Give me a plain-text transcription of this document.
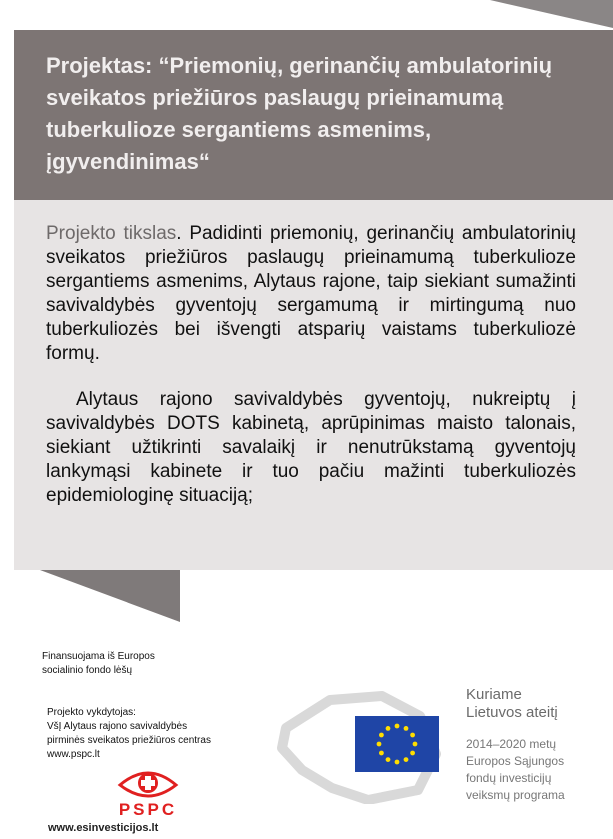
Projektas: “Priemonių, gerinančių ambulatorinių sveikatos priežiūros paslaugų prieinamumą tuberkulioze sergantiems asmenims, įgyvendinimas“

Projekto tikslas. Padidinti priemonių, gerinančių ambulatorinių sveikatos priežiūros paslaugų prieinamumą tuberkulioze sergantiems asmenims, Alytaus rajone, taip siekiant sumažinti savivaldybės gyventojų sergamumą ir mirtingumą nuo tuberkuliozės bei išvengti atsparių vaistams tuberkuliozė formų.

Alytaus rajono savivaldybės gyventojų, nukreiptų į savivaldybės DOTS kabinetą, aprūpinimas maisto talonais, siekiant užtikrinti savalaikį ir nenutrūkstamą gyventojų lankymąsi kabinete ir tuo pačiu mažinti tuberkuliozės epidemiologinę situaciją;

Finansuojama iš Europos
socialinio fondo lėšų
Projekto vykdytojas:
VšĮ Alytaus rajono savivaldybės
pirminės sveikatos priežiūros centras
www.pspc.lt
PSPC
www.esinvesticijos.lt
Kuriame
Lietuvos ateitį
2014–2020 metų
Europos Sąjungos
fondų investicijų
veiksmų programa
